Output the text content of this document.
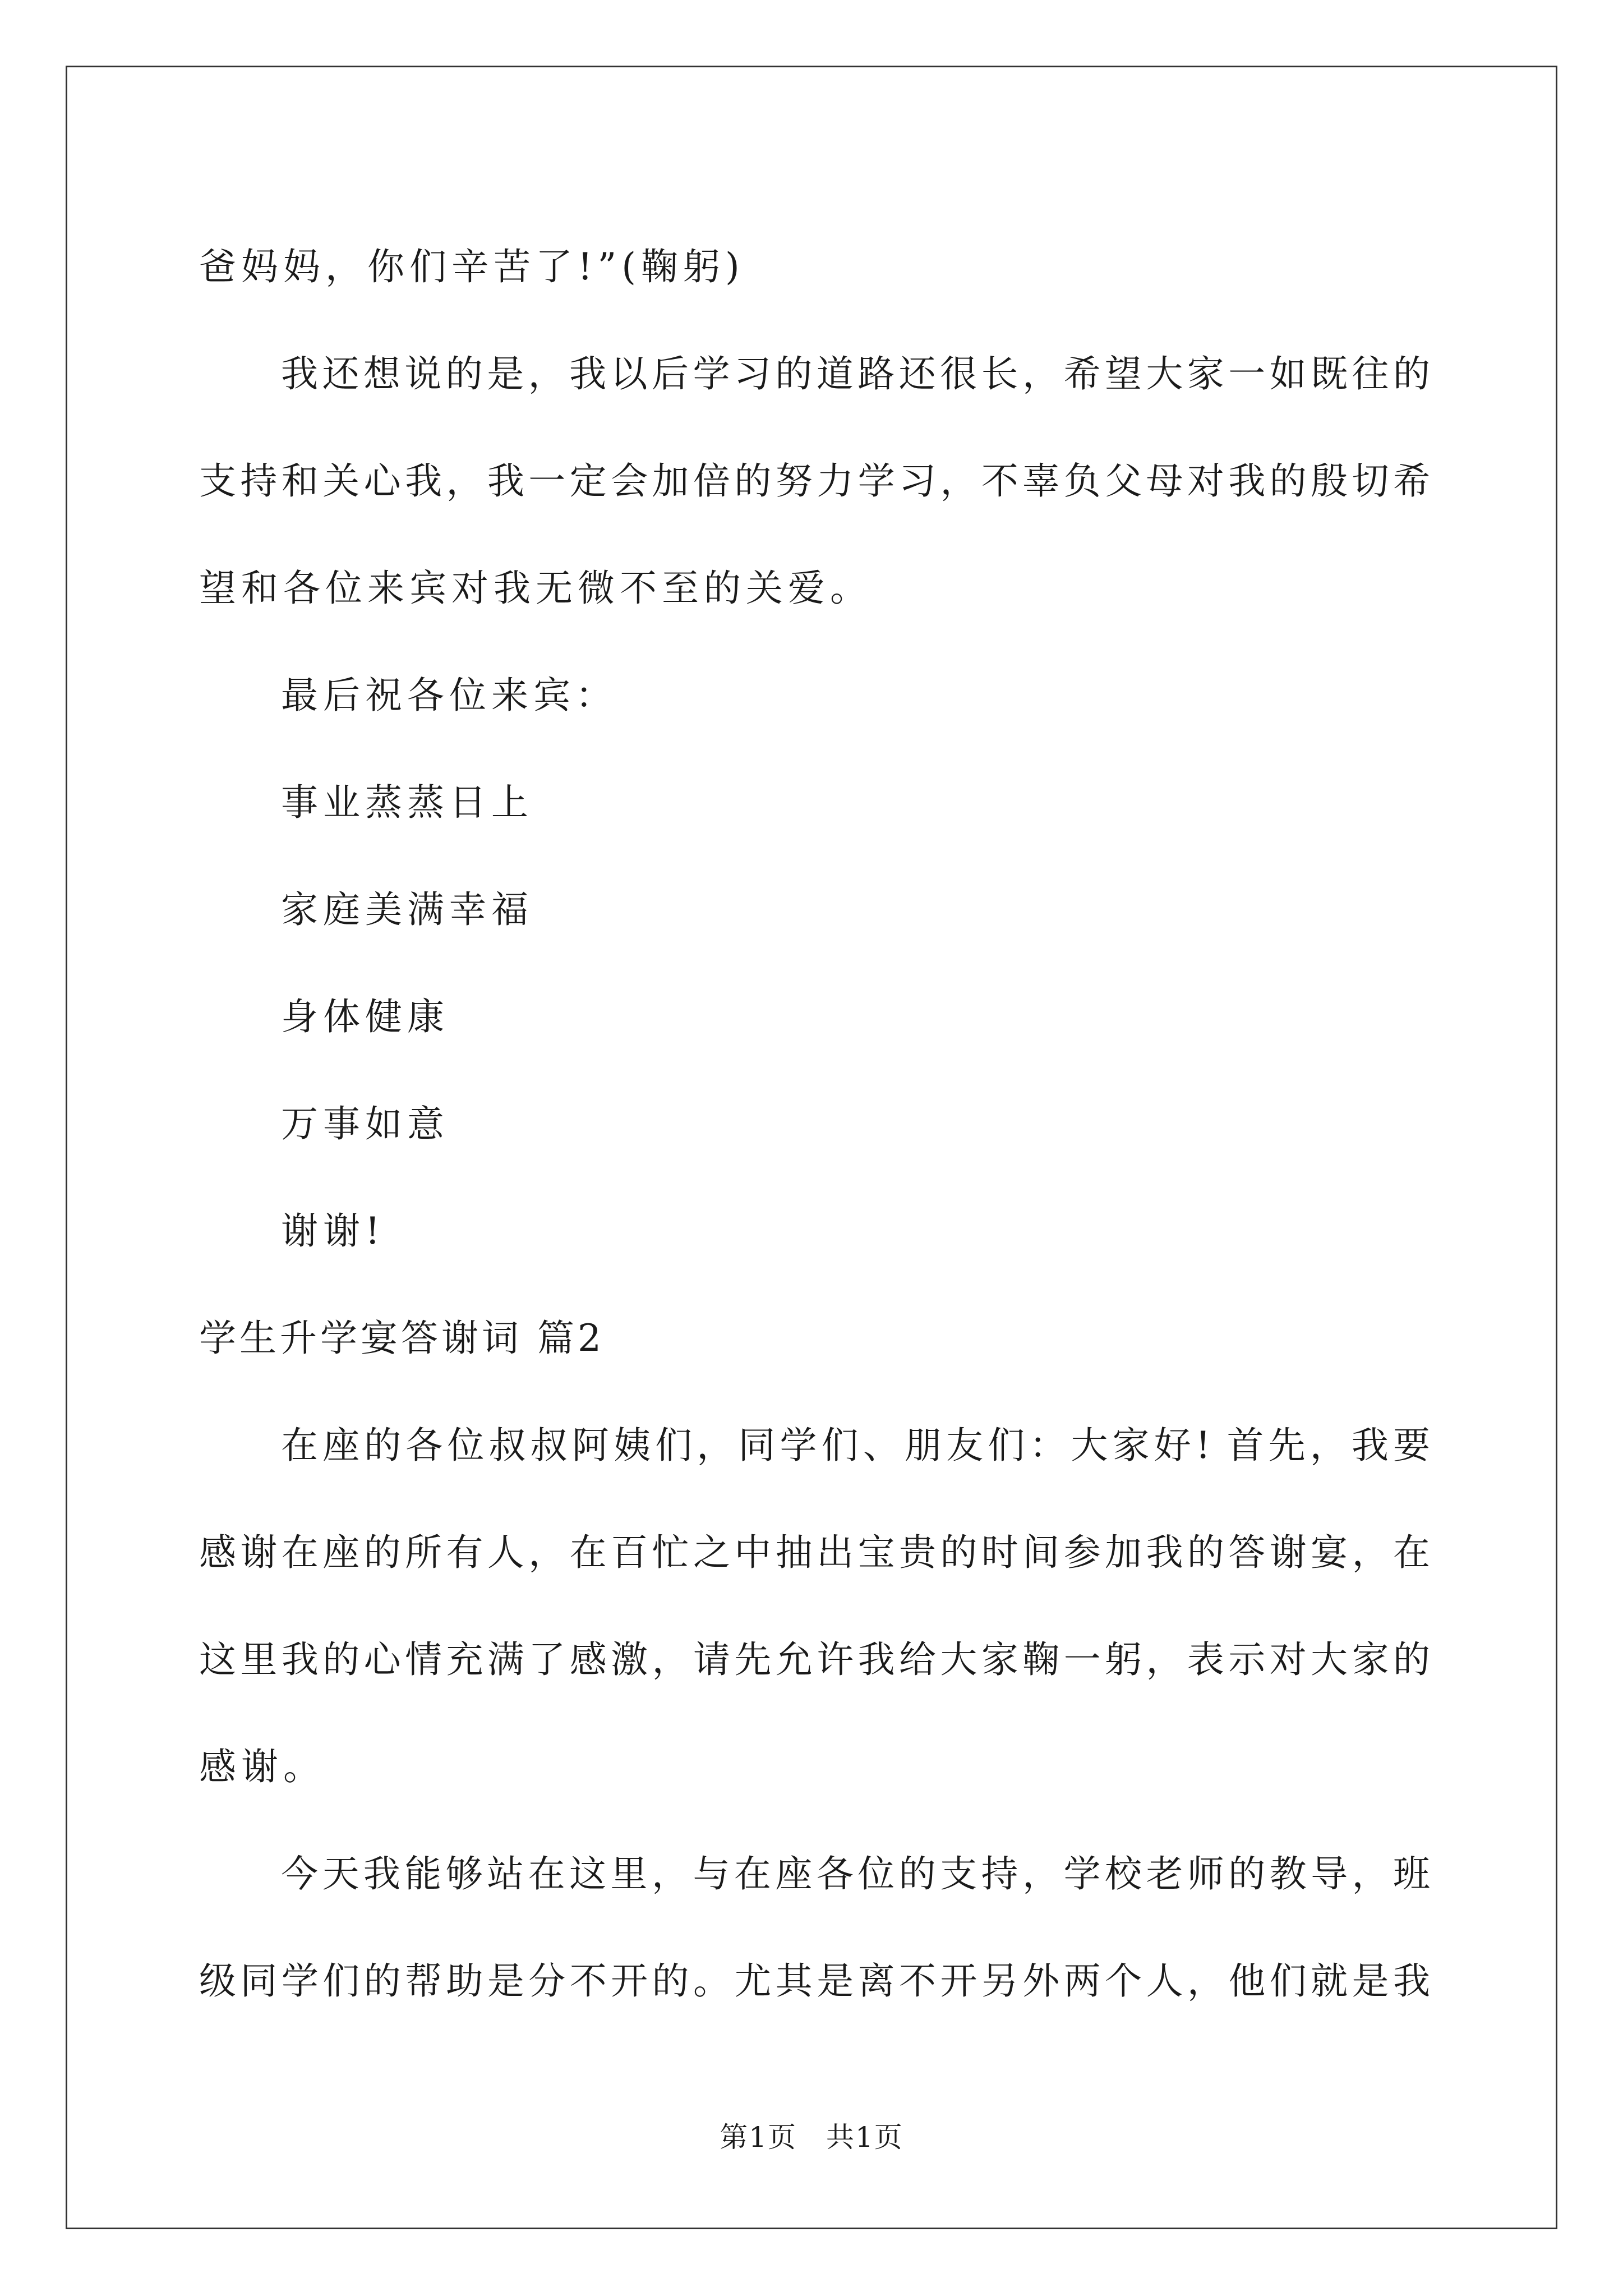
爸妈妈，你们辛苦了!”(鞠躬)
我还想说的是，我以后学习的道路还很长，希望大家一如既往的
支持和关心我，我一定会加倍的努力学习，不辜负父母对我的殷切希
望和各位来宾对我无微不至的关爱。
最后祝各位来宾：
事业蒸蒸日上
家庭美满幸福
身体健康
万事如意
谢谢!
学生升学宴答谢词 篇2
在座的各位叔叔阿姨们，同学们、朋友们：大家好! 首先，我要
感谢在座的所有人，在百忙之中抽出宝贵的时间参加我的答谢宴，在
这里我的心情充满了感激，请先允许我给大家鞠一躬，表示对大家的
感谢。
今天我能够站在这里，与在座各位的支持，学校老师的教导，班
级同学们的帮助是分不开的。尤其是离不开另外两个人，他们就是我
第1页　共1页
